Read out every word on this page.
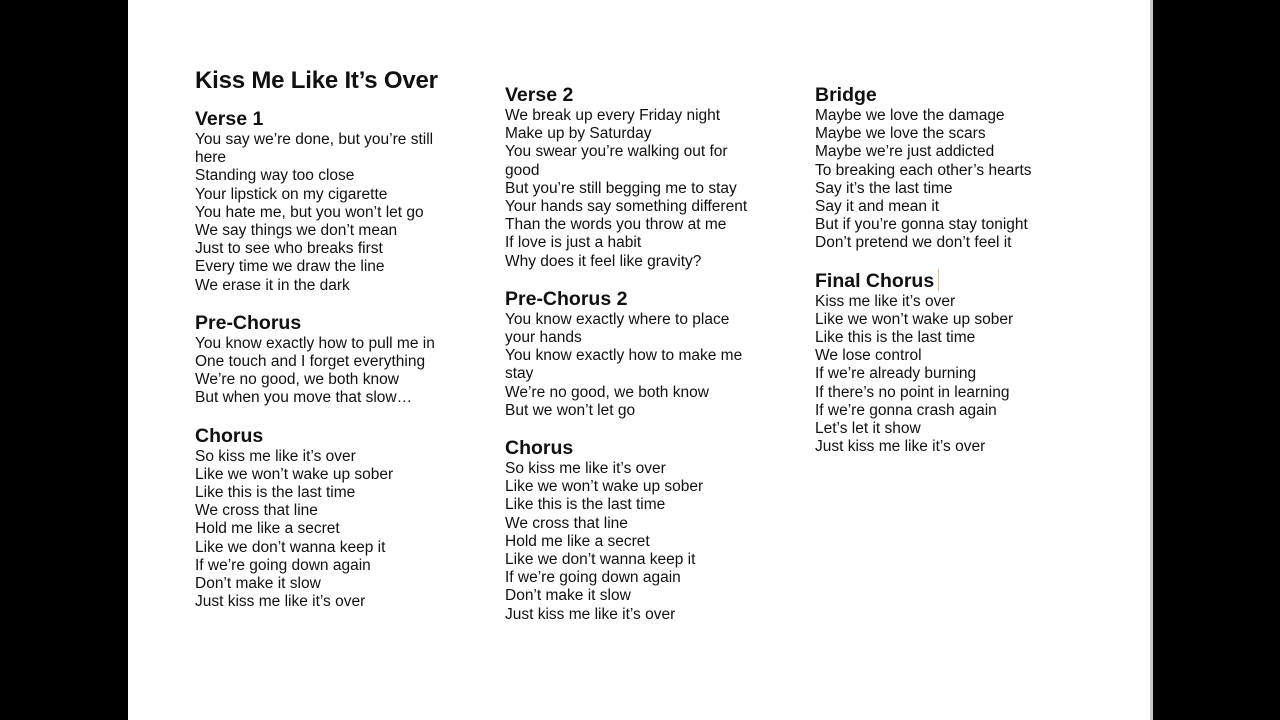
Kiss Me Like It’s Over
Verse 1
You say we’re done, but you’re still
here
Standing way too close
Your lipstick on my cigarette
You hate me, but you won’t let go
We say things we don’t mean
Just to see who breaks first
Every time we draw the line
We erase it in the dark
Pre-Chorus
You know exactly how to pull me in
One touch and I forget everything
We’re no good, we both know
But when you move that slow…
Chorus
So kiss me like it’s over
Like we won’t wake up sober
Like this is the last time
We cross that line
Hold me like a secret
Like we don’t wanna keep it
If we’re going down again
Don’t make it slow
Just kiss me like it’s over
Verse 2
We break up every Friday night
Make up by Saturday
You swear you’re walking out for
good
But you’re still begging me to stay
Your hands say something different
Than the words you throw at me
If love is just a habit
Why does it feel like gravity?
Pre-Chorus 2
You know exactly where to place
your hands
You know exactly how to make me
stay
We’re no good, we both know
But we won’t let go
Chorus
So kiss me like it’s over
Like we won’t wake up sober
Like this is the last time
We cross that line
Hold me like a secret
Like we don’t wanna keep it
If we’re going down again
Don’t make it slow
Just kiss me like it’s over
Bridge
Maybe we love the damage
Maybe we love the scars
Maybe we’re just addicted
To breaking each other’s hearts
Say it’s the last time
Say it and mean it
But if you’re gonna stay tonight
Don’t pretend we don’t feel it
Final Chorus
Kiss me like it’s over
Like we won’t wake up sober
Like this is the last time
We lose control
If we’re already burning
If there’s no point in learning
If we’re gonna crash again
Let’s let it show
Just kiss me like it’s over
